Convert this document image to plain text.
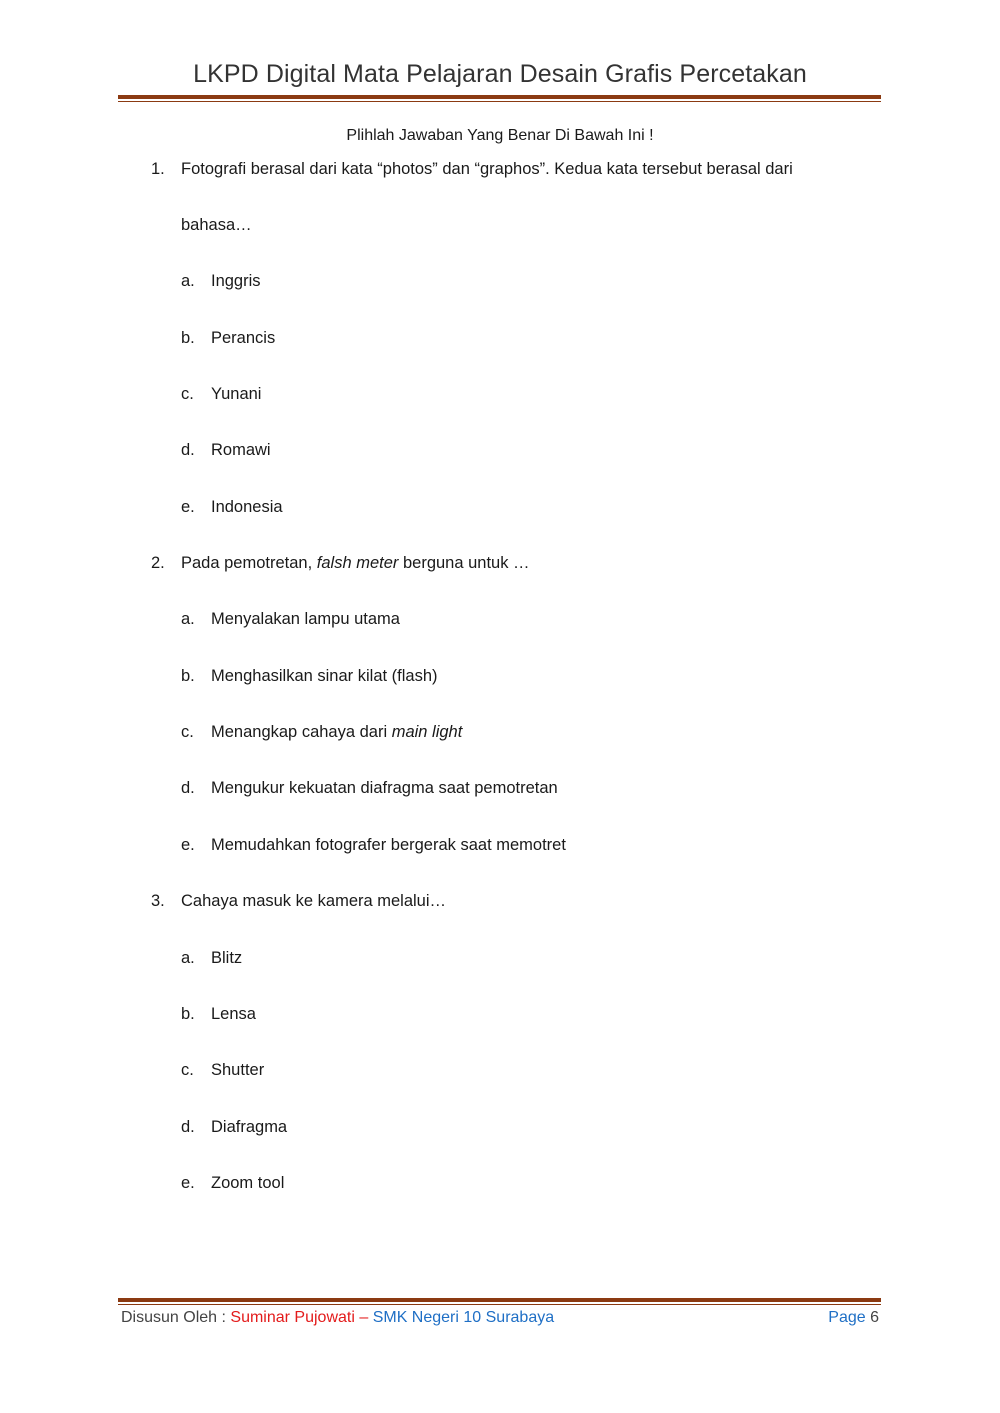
LKPD Digital Mata Pelajaran Desain Grafis Percetakan
Plihlah Jawaban Yang Benar Di Bawah Ini !
1. Fotografi berasal dari kata “photos” dan “graphos”. Kedua kata tersebut berasal dari
bahasa…
a. Inggris
b. Perancis
c. Yunani
d. Romawi
e. Indonesia
2. Pada pemotretan, falsh meter berguna untuk …
a. Menyalakan lampu utama
b. Menghasilkan sinar kilat (flash)
c. Menangkap cahaya dari main light
d. Mengukur kekuatan diafragma saat pemotretan
e. Memudahkan fotografer bergerak saat memotret
3. Cahaya masuk ke kamera melalui…
a. Blitz
b. Lensa
c. Shutter
d. Diafragma
e. Zoom tool
Disusun Oleh : Suminar Pujowati – SMK Negeri 10 Surabaya	Page 6
